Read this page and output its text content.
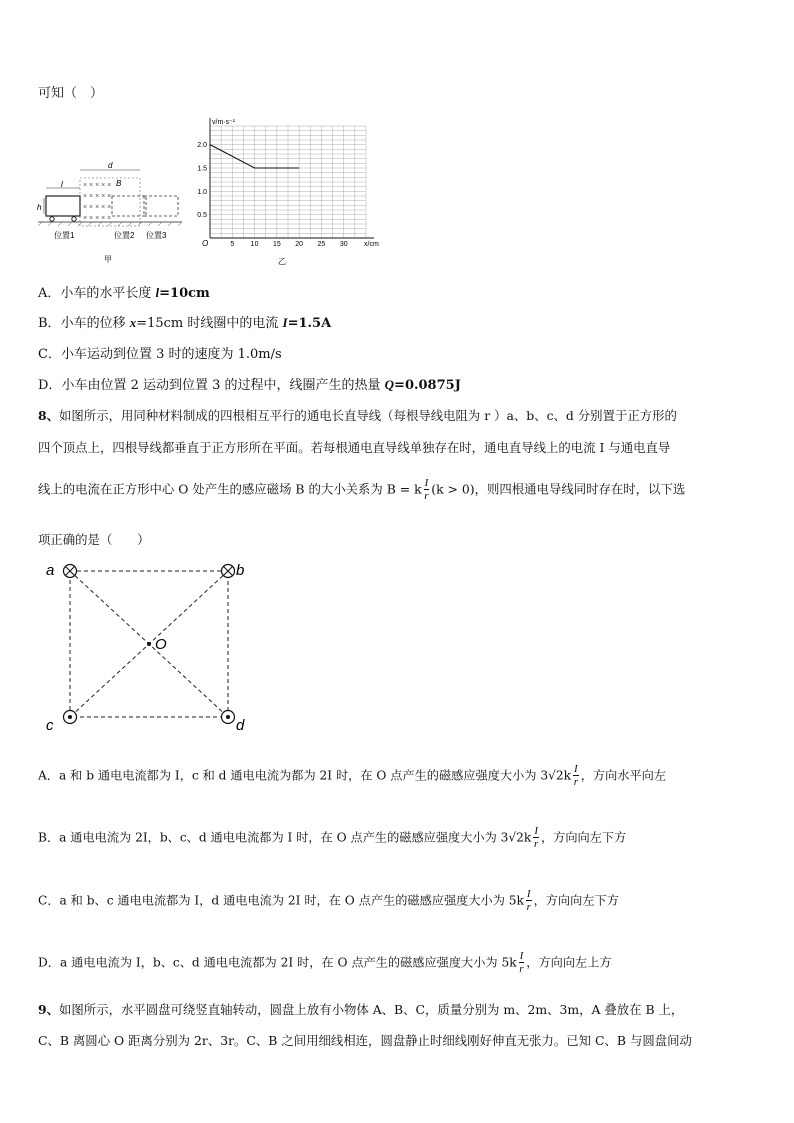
可知（　）
× × × × ×
× × × × ×
× × × × ×
× × × × ×
B
d
l
h
位置1	位置2 位置3
甲
5 10 15 20 25 30
0.5
1.0
1.5
2.0
v/m·s⁻¹
x/cm
O
乙
A．小车的水平长度 l=10cm
B．小车的位移 x=15cm 时线圈中的电流 I=1.5A
C．小车运动到位置 3 时的速度为 1.0m/s
D．小车由位置 2 运动到位置 3 的过程中，线圈产生的热量 Q=0.0875J
8、如图所示，用同种材料制成的四根相互平行的通电长直导线（每根导线电阻为 r ）a、b、c、d 分别置于正方形的
四个顶点上，四根导线都垂直于正方形所在平面。若每根通电直导线单独存在时，通电直导线上的电流 I 与通电直导
线上的电流在正方形中心 O 处产生的感应磁场 B 的大小关系为 B = k $\frac{I}{r} (k > 0)$，则四根通电导线同时存在时，以下选
项正确的是（　　）
a	b
c	d
O
A．a 和 b 通电电流都为 I，c 和 d 通电电流为都为 2I 时，在 O 点产生的磁感应强度大小为 $3√2k \frac{I}{r}$ ，方向水平向左
B．a 通电电流为 2I，b、c、d 通电电流都为 I 时，在 O 点产生的磁感应强度大小为 $3√2k \frac{I}{r}$ ，方向向左下方
C．a 和 b、c 通电电流都为 I，d 通电电流为 2I 时，在 O 点产生的磁感应强度大小为 $5k \frac{I}{r}$ ，方向向左下方
D．a 通电电流为 I，b、c、d 通电电流都为 2I 时，在 O 点产生的磁感应强度大小为 $5k \frac{I}{r}$ ，方向向左上方
9、如图所示，水平圆盘可绕竖直轴转动，圆盘上放有小物体 A、B、C，质量分别为 m、2m、3m，A 叠放在 B 上，
C、B 离圆心 O 距离分别为 2r、3r。C、B 之间用细线相连，圆盘静止时细线刚好伸直无张力。已知 C、B 与圆盘间动
